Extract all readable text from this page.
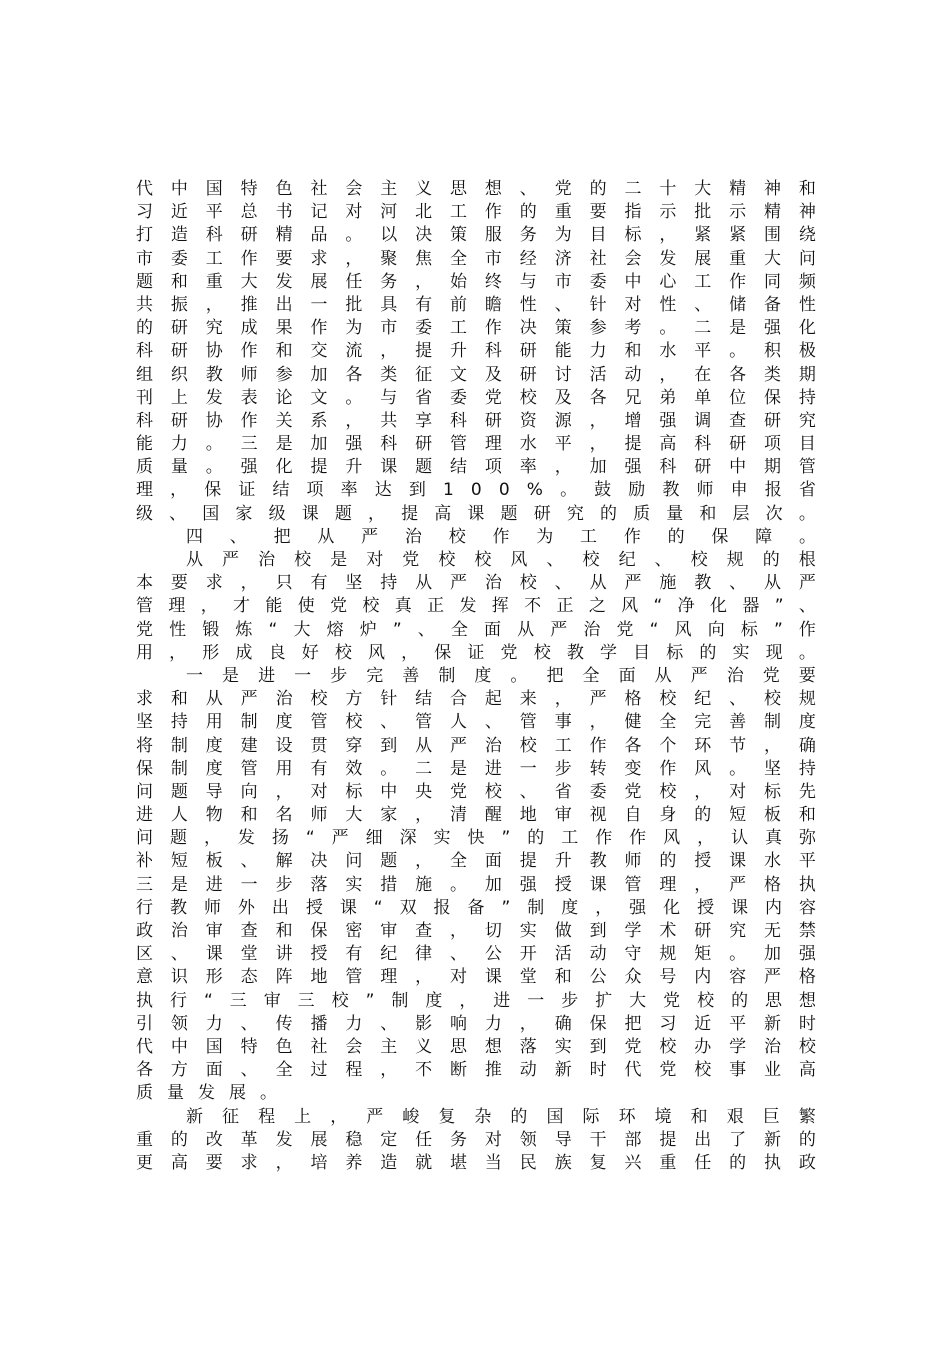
代 中 国 特 色 社 会 主 义 思 想 、 党 的 二 十 大 精 神 和
习 近 平 总 书 记 对 河 北 工 作 的 重 要 指 示 批 示 精 神
打 造 科 研 精 品 。 以 决 策 服 务 为 目 标 ， 紧 紧 围 绕
市 委 工 作 要 求 ， 聚 焦 全 市 经 济 社 会 发 展 重 大 问
题 和 重 大 发 展 任 务 ， 始 终 与 市 委 中 心 工 作 同 频
共 振 ， 推 出 一 批 具 有 前 瞻 性 、 针 对 性 、 储 备 性
的 研 究 成 果 作 为 市 委 工 作 决 策 参 考 。 二 是 强 化
科 研 协 作 和 交 流 ， 提 升 科 研 能 力 和 水 平 。 积 极
组 织 教 师 参 加 各 类 征 文 及 研 讨 活 动 ， 在 各 类 期
刊 上 发 表 论 文 。 与 省 委 党 校 及 各 兄 弟 单 位 保 持
科 研 协 作 关 系 ， 共 享 科 研 资 源 ， 增 强 调 查 研 究
能 力 。 三 是 加 强 科 研 管 理 水 平 ， 提 高 科 研 项 目
质 量 。 强 化 提 升 课 题 结 项 率 ， 加 强 科 研 中 期 管
理 ， 保 证 结 项 率 达 到 1 0 0 % 。 鼓 励 教 师 申 报 省
级 、 国 家 级 课 题 ， 提 高 课 题 研 究 的 质 量 和 层 次 。
四 、 把 从 严 治 校 作 为 工 作 的 保 障 。
从 严 治 校 是 对 党 校 校 风 、 校 纪 、 校 规 的 根
本 要 求 ， 只 有 坚 持 从 严 治 校 、 从 严 施 教 、 从 严
管 理 ， 才 能 使 党 校 真 正 发 挥 不 正 之 风 “ 净 化 器 ” 、
党 性 锻 炼 “ 大 熔 炉 ” 、 全 面 从 严 治 党 “ 风 向 标 ” 作
用 ， 形 成 良 好 校 风 ， 保 证 党 校 教 学 目 标 的 实 现 。
一 是 进 一 步 完 善 制 度 。 把 全 面 从 严 治 党 要
求 和 从 严 治 校 方 针 结 合 起 来 ， 严 格 校 纪 、 校 规
坚 持 用 制 度 管 校 、 管 人 、 管 事 ， 健 全 完 善 制 度
将 制 度 建 设 贯 穿 到 从 严 治 校 工 作 各 个 环 节 ， 确
保 制 度 管 用 有 效 。 二 是 进 一 步 转 变 作 风 。 坚 持
问 题 导 向 ， 对 标 中 央 党 校 、 省 委 党 校 ， 对 标 先
进 人 物 和 名 师 大 家 ， 清 醒 地 审 视 自 身 的 短 板 和
问 题 ， 发 扬 “ 严 细 深 实 快 ” 的 工 作 作 风 ， 认 真 弥
补 短 板 、 解 决 问 题 ， 全 面 提 升 教 师 的 授 课 水 平
三 是 进 一 步 落 实 措 施 。 加 强 授 课 管 理 ， 严 格 执
行 教 师 外 出 授 课 “ 双 报 备 ” 制 度 ， 强 化 授 课 内 容
政 治 审 查 和 保 密 审 查 ， 切 实 做 到 学 术 研 究 无 禁
区 、 课 堂 讲 授 有 纪 律 、 公 开 活 动 守 规 矩 。 加 强
意 识 形 态 阵 地 管 理 ， 对 课 堂 和 公 众 号 内 容 严 格
执 行 “ 三 审 三 校 ” 制 度 ， 进 一 步 扩 大 党 校 的 思 想
引 领 力 、 传 播 力 、 影 响 力 ， 确 保 把 习 近 平 新 时
代 中 国 特 色 社 会 主 义 思 想 落 实 到 党 校 办 学 治 校
各 方 面 、 全 过 程 ， 不 断 推 动 新 时 代 党 校 事 业 高
质 量 发 展 。
新 征 程 上 ， 严 峻 复 杂 的 国 际 环 境 和 艰 巨 繁
重 的 改 革 发 展 稳 定 任 务 对 领 导 干 部 提 出 了 新 的
更 高 要 求 ， 培 养 造 就 堪 当 民 族 复 兴 重 任 的 执 政
